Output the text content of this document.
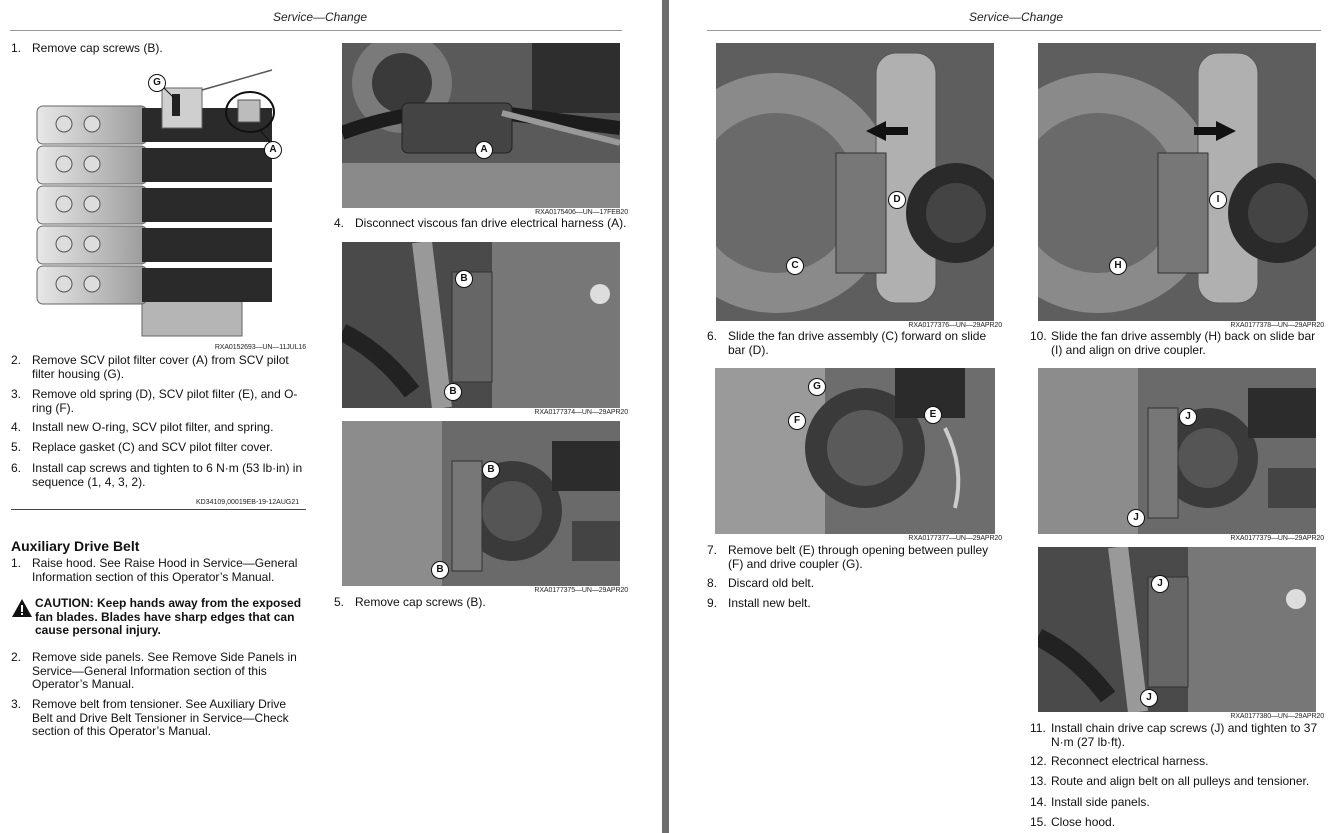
Service—Change
1. Remove cap screws (B).
G
A
RXA0152693—UN—11JUL16
2. Remove SCV pilot filter cover (A) from SCV pilot filter housing (G).
3. Remove old spring (D), SCV pilot filter (E), and O-ring (F).
4. Install new O-ring, SCV pilot filter, and spring.
5. Replace gasket (C) and SCV pilot filter cover.
6. Install cap screws and tighten to 6 N·m (53 lb·in) in sequence (1, 4, 3, 2).
KD34109,00019EB-19-12AUG21
Auxiliary Drive Belt
1. Raise hood. See Raise Hood in Service—General Information section of this Operator’s Manual.
CAUTION: Keep hands away from the exposed fan blades. Blades have sharp edges that can cause personal injury.
2. Remove side panels. See Remove Side Panels in Service—General Information section of this Operator’s Manual.
3. Remove belt from tensioner. See Auxiliary Drive Belt and Drive Belt Tensioner in Service—Check section of this Operator’s Manual.
A
RXA0175406—UN—17FEB20
4. Disconnect viscous fan drive electrical harness (A).
B
B
RXA0177374—UN—29APR20
B
B
RXA0177375—UN—29APR20
5. Remove cap screws (B).
Service—Change
D
C
RXA0177376—UN—29APR20
6. Slide the fan drive assembly (C) forward on slide bar (D).
G
F
E
RXA0177377—UN—29APR20
7. Remove belt (E) through opening between pulley (F) and drive coupler (G).
8. Discard old belt.
9. Install new belt.
I
H
RXA0177378—UN—29APR20
10. Slide the fan drive assembly (H) back on slide bar (I) and align on drive coupler.
J
J
RXA0177379—UN—29APR20
J
J
RXA0177380—UN—29APR20
11. Install chain drive cap screws (J) and tighten to 37 N·m (27 lb·ft).
12. Reconnect electrical harness.
13. Route and align belt on all pulleys and tensioner.
14. Install side panels.
15. Close hood.
